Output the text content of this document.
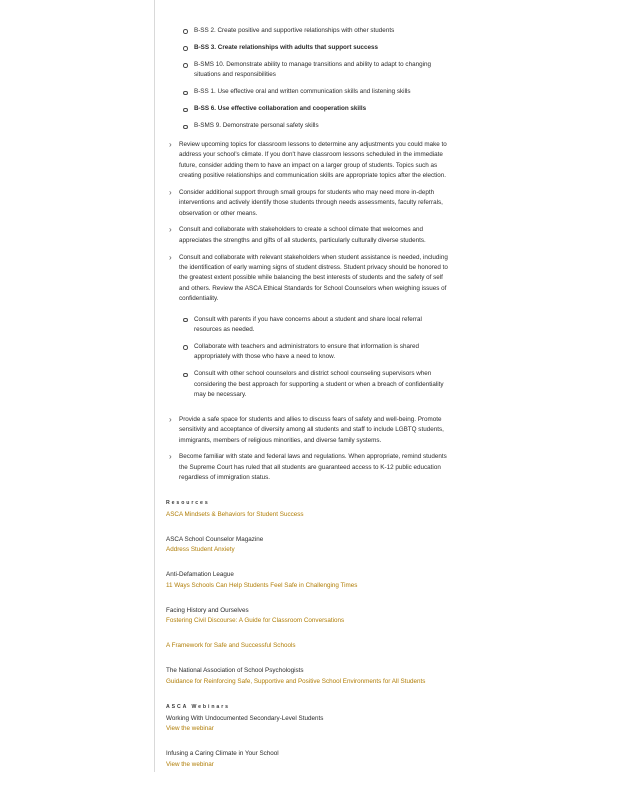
B-SS 2. Create positive and supportive relationships with other students
B-SS 3. Create relationships with adults that support success
B-SMS 10. Demonstrate ability to manage transitions and ability to adapt to changing situations and responsibilities
B-SS 1. Use effective oral and written communication skills and listening skills
B-SS 6. Use effective collaboration and cooperation skills
B-SMS 9. Demonstrate personal safety skills
› Review upcoming topics for classroom lessons to determine any adjustments you could make to address your school's climate. If you don't have classroom lessons scheduled in the immediate future, consider adding them to have an impact on a larger group of students. Topics such as creating positive relationships and communication skills are appropriate topics after the election.
› Consider additional support through small groups for students who may need more in-depth interventions and actively identify those students through needs assessments, faculty referrals, observation or other means.
› Consult and collaborate with stakeholders to create a school climate that welcomes and appreciates the strengths and gifts of all students, particularly culturally diverse students.
› Consult and collaborate with relevant stakeholders when student assistance is needed, including the identification of early warning signs of student distress. Student privacy should be honored to the greatest extent possible while balancing the best interests of students and the safety of self and others. Review the ASCA Ethical Standards for School Counselors when weighing issues of confidentiality.
Consult with parents if you have concerns about a student and share local referral resources as needed.
Collaborate with teachers and administrators to ensure that information is shared appropriately with those who have a need to know.
Consult with other school counselors and district school counseling supervisors when considering the best approach for supporting a student or when a breach of confidentiality may be necessary.
› Provide a safe space for students and allies to discuss fears of safety and well-being. Promote sensitivity and acceptance of diversity among all students and staff to include LGBTQ students, immigrants, members of religious minorities, and diverse family systems.
› Become familiar with state and federal laws and regulations. When appropriate, remind students the Supreme Court has ruled that all students are guaranteed access to K-12 public education regardless of immigration status.
Resources
ASCA Mindsets & Behaviors for Student Success
ASCA School Counselor Magazine
Address Student Anxiety
Anti-Defamation League
11 Ways Schools Can Help Students Feel Safe in Challenging Times
Facing History and Ourselves
Fostering Civil Discourse: A Guide for Classroom Conversations
A Framework for Safe and Successful Schools
The National Association of School Psychologists
Guidance for Reinforcing Safe, Supportive and Positive School Environments for All Students
ASCA Webinars
Working With Undocumented Secondary-Level Students
View the webinar
Infusing a Caring Climate in Your School
View the webinar
